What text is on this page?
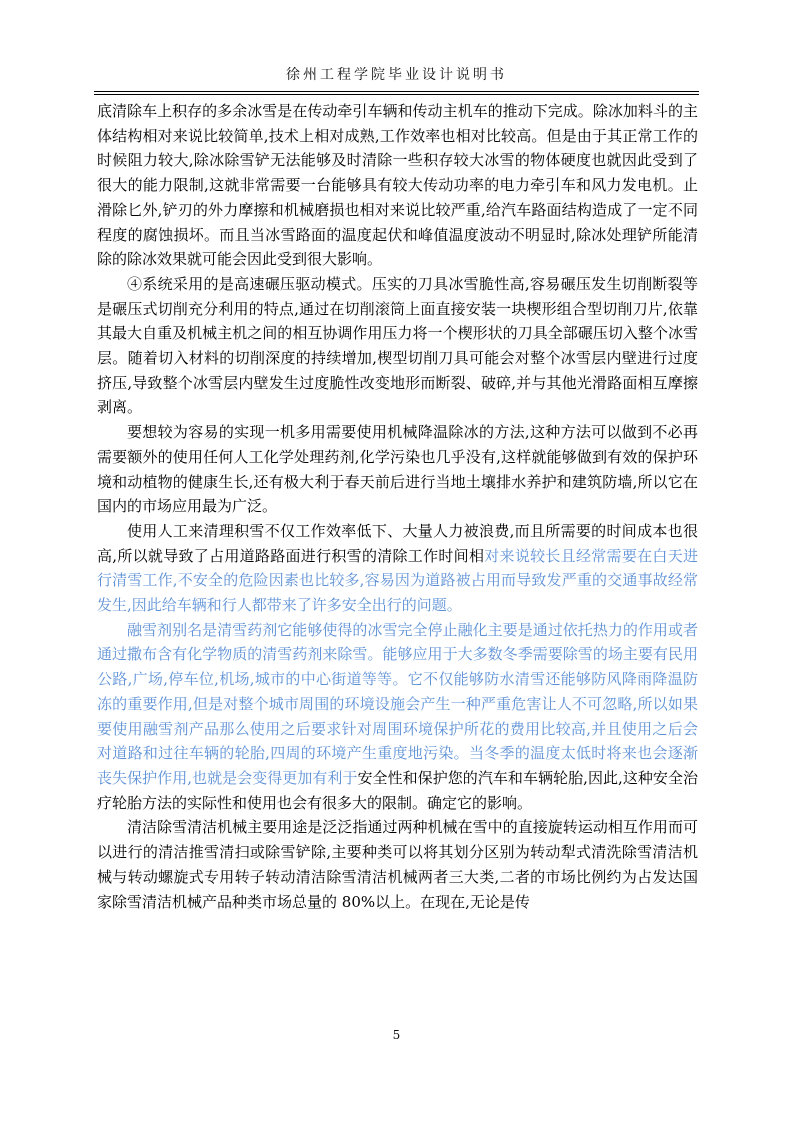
徐州工程学院毕业设计说明书

底清除车上积存的多余冰雪是在传动牵引车辆和传动主机车的推动下完成。除冰加料斗的主体结构相对来说比较简单,技术上相对成熟,工作效率也相对比较高。但是由于其正常工作的时候阻力较大,除冰除雪铲无法能够及时清除一些积存较大冰雪的物体硬度也就因此受到了很大的能力限制,这就非常需要一台能够具有较大传动功率的电力牵引车和风力发电机。止滑除匕外,铲刃的外力摩擦和机械磨损也相对来说比较严重,给汽车路面结构造成了一定不同程度的腐蚀损坏。而且当冰雪路面的温度起伏和峰值温度波动不明显时,除冰处理铲所能清除的除冰效果就可能会因此受到很大影响。

④系统采用的是高速碾压驱动模式。压实的刀具冰雪脆性高,容易碾压发生切削断裂等是碾压式切削充分利用的特点,通过在切削滚筒上面直接安装一块楔形组合型切削刀片,依靠其最大自重及机械主机之间的相互协调作用压力将一个楔形状的刀具全部碾压切入整个冰雪层。随着切入材料的切削深度的持续增加,楔型切削刀具可能会对整个冰雪层内壁进行过度挤压,导致整个冰雪层内壁发生过度脆性改变地形而断裂、破碎,并与其他光滑路面相互摩擦剥离。

要想较为容易的实现一机多用需要使用机械降温除冰的方法,这种方法可以做到不必再需要额外的使用任何人工化学处理药剂,化学污染也几乎没有,这样就能够做到有效的保护环境和动植物的健康生长,还有极大利于春天前后进行当地土壤排水养护和建筑防墙,所以它在国内的市场应用最为广泛。

使用人工来清理积雪不仅工作效率低下、大量人力被浪费,而且所需要的时间成本也很高,所以就导致了占用道路路面进行积雪的清除工作时间相对来说较长且经常需要在白天进行清雪工作,不安全的危险因素也比较多,容易因为道路被占用而导致发严重的交通事故经常发生,因此给车辆和行人都带来了许多安全出行的问题。

融雪剂别名是清雪药剂它能够使得的冰雪完全停止融化主要是通过依托热力的作用或者通过撒布含有化学物质的清雪药剂来除雪。能够应用于大多数冬季需要除雪的场主要有民用公路,广场,停车位,机场,城市的中心街道等等。它不仅能够防水清雪还能够防风降雨降温防冻的重要作用,但是对整个城市周围的环境设施会产生一种严重危害让人不可忽略,所以如果要使用融雪剂产品那么使用之后要求针对周围环境保护所花的费用比较高,并且使用之后会对道路和过往车辆的轮胎,四周的环境产生重度地污染。当冬季的温度太低时将来也会逐渐丧失保护作用,也就是会变得更加有利于安全性和保护您的汽车和车辆轮胎,因此,这种安全治疗轮胎方法的实际性和使用也会有很多大的限制。确定它的影响。

清洁除雪清洁机械主要用途是泛泛指通过两种机械在雪中的直接旋转运动相互作用而可以进行的清洁推雪清扫或除雪铲除,主要种类可以将其划分区别为转动犁式清洗除雪清洁机械与转动螺旋式专用转子转动清洁除雪清洁机械两者三大类,二者的市场比例约为占发达国家除雪清洁机械产品种类市场总量的 80%以上。在现在,无论是传

5
